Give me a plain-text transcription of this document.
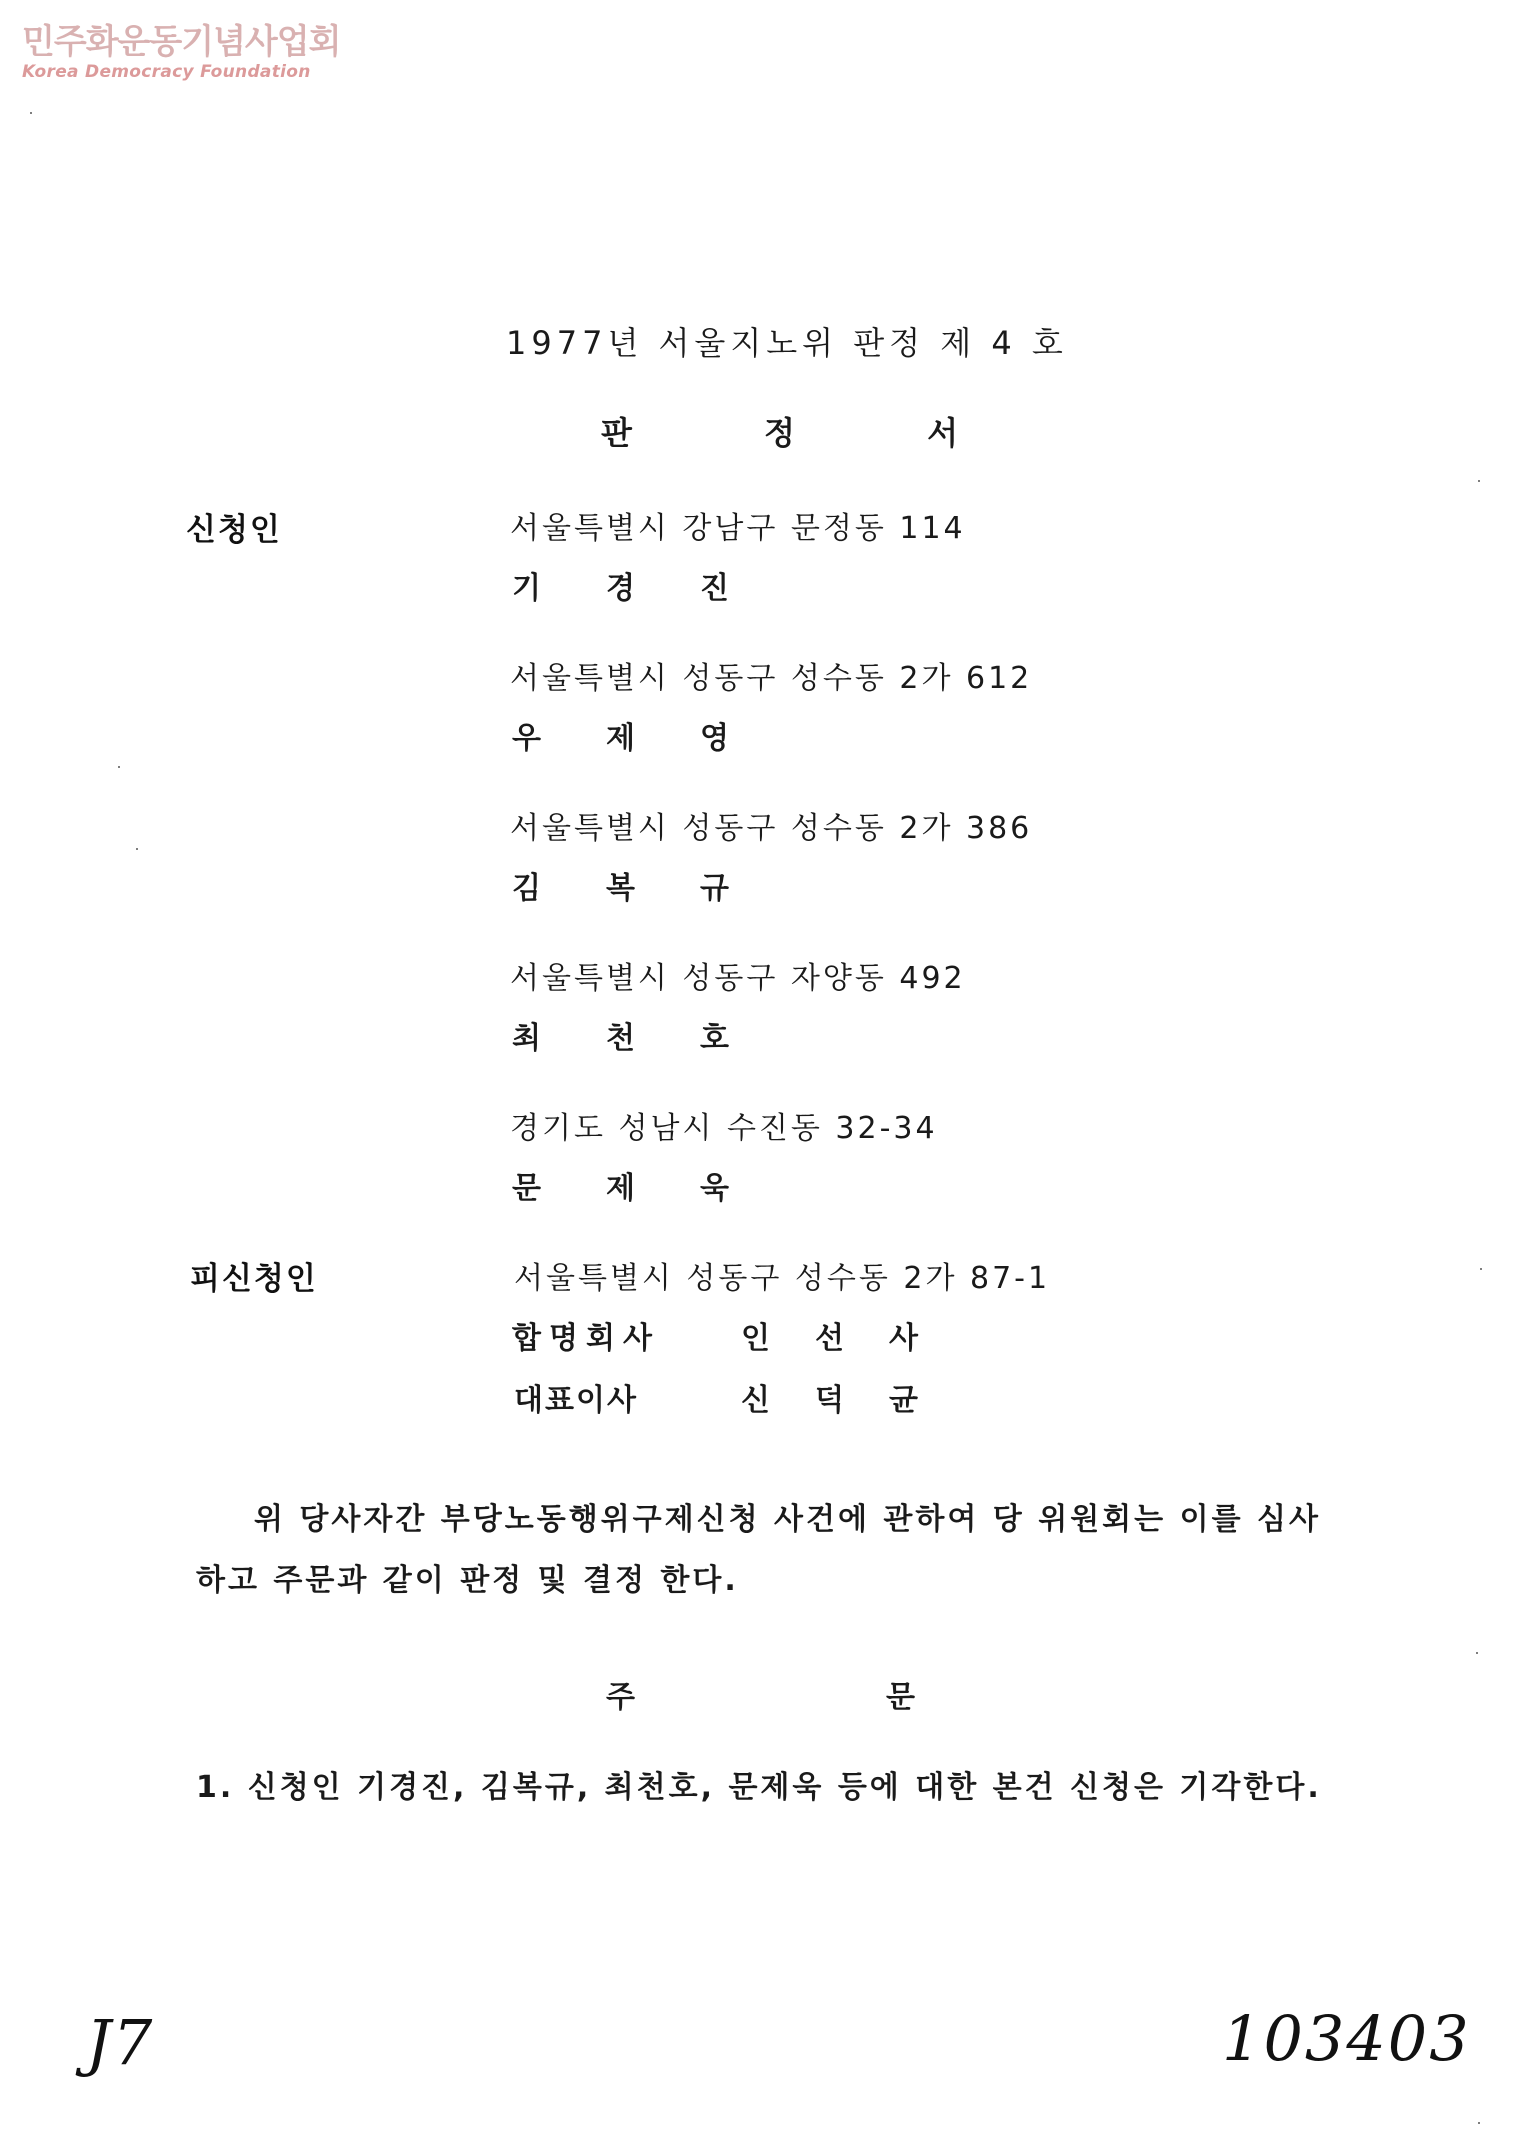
민주화운동기념사업회
Korea Democracy Foundation
1977년 서울지노위 판정 제 4 호
판	정	서
신청인	서울특별시 강남구 문정동 114
기 경 진
서울특별시 성동구 성수동 2가 612
우 제 영
서울특별시 성동구 성수동 2가 386
김 복 규
서울특별시 성동구 자양동 492
최 천 호
경기도 성남시 수진동 32-34
문 제 욱
피신청인	서울특별시 성동구 성수동 2가 87-1
합명회사	인 선 사
대표이사	신 덕 균
위 당사자간 부당노동행위구제신청 사건에 관하여 당 위원회는 이를 심사
하고 주문과 같이 판정 및 결정 한다.
주	문
1. 신청인 기경진, 김복규, 최천호, 문제욱 등에 대한 본건 신청은 기각한다.
J7	103403
